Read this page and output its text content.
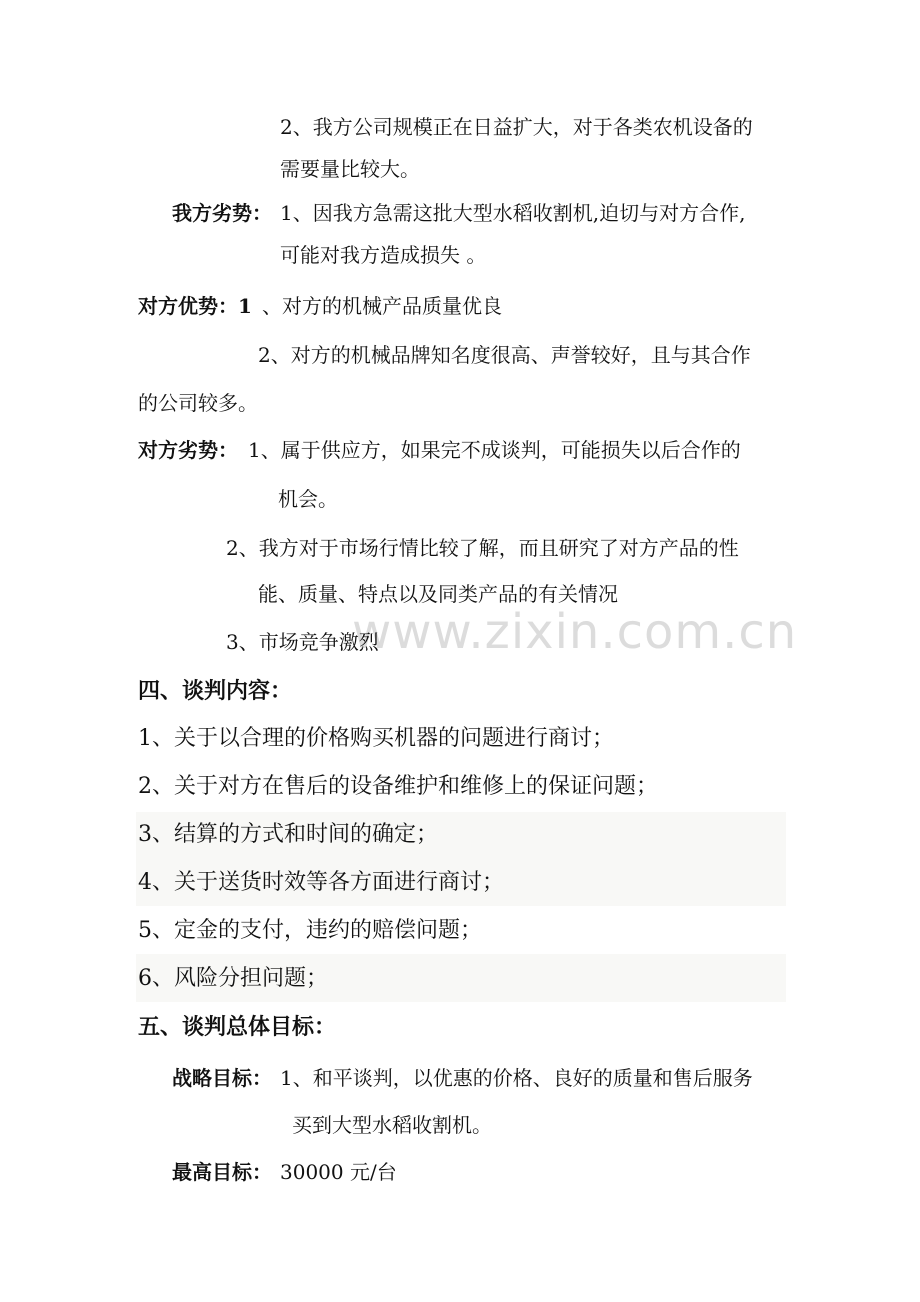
www.zixin.com.cn
2、我方公司规模正在日益扩大，对于各类农机设备的
需要量比较大。
我方劣势： 1、因我方急需这批大型水稻收割机,迫切与对方合作,
可能对我方造成损失 。
对方优势：1 、对方的机械产品质量优良
2、对方的机械品牌知名度很高、声誉较好，且与其合作
的公司较多。
对方劣势： 1、属于供应方，如果完不成谈判，可能损失以后合作的
机会。
2、我方对于市场行情比较了解，而且研究了对方产品的性
能、质量、特点以及同类产品的有关情况
3、市场竞争激烈
四、谈判内容：
1、关于以合理的价格购买机器的问题进行商讨；
2、关于对方在售后的设备维护和维修上的保证问题；
3、结算的方式和时间的确定；
4、关于送货时效等各方面进行商讨；
5、定金的支付，违约的赔偿问题；
6、风险分担问题；
五、谈判总体目标：
战略目标： 1、和平谈判，以优惠的价格、良好的质量和售后服务
买到大型水稻收割机。
最高目标： 30000 元/台
